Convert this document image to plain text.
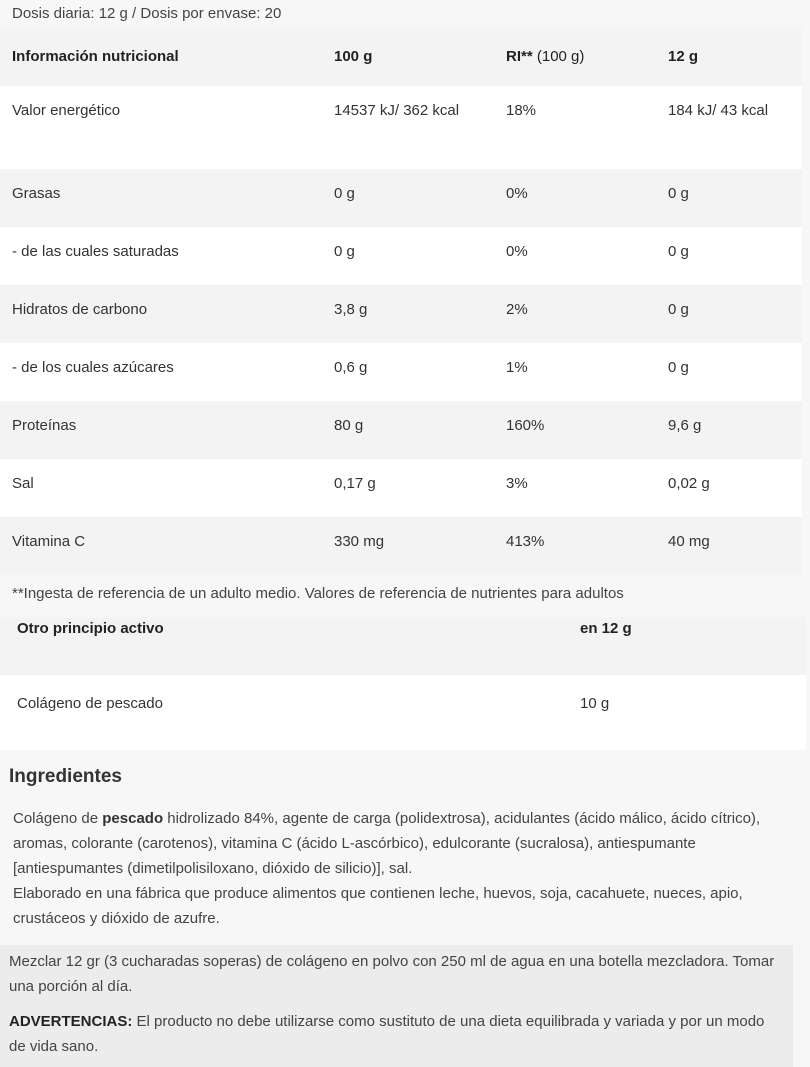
Dosis diaria: 12 g / Dosis por envase: 20
Información nutricional	100 g	RI** (100 g)	12 g
Valor energético	14537 kJ/ 362 kcal	18%	184 kJ/ 43 kcal
Grasas	0 g	0%	0 g
- de las cuales saturadas	0 g	0%	0 g
Hidratos de carbono	3,8 g	2%	0 g
- de los cuales azúcares	0,6 g	1%	0 g
Proteínas	80 g	160%	9,6 g
Sal	0,17 g	3%	0,02 g
Vitamina C	330 mg	413%	40 mg
**Ingesta de referencia de un adulto medio. Valores de referencia de nutrientes para adultos
Otro principio activo	en 12 g
Colágeno de pescado	10 g
Ingredientes
Colágeno de pescado hidrolizado 84%, agente de carga (polidextrosa), acidulantes (ácido málico, ácido cítrico), aromas, colorante (carotenos), vitamina C (ácido L-ascórbico), edulcorante (sucralosa), antiespumante [antiespumantes (dimetilpolisiloxano, dióxido de silicio)], sal.
Elaborado en una fábrica que produce alimentos que contienen leche, huevos, soja, cacahuete, nueces, apio, crustáceos y dióxido de azufre.

Mezclar 12 gr (3 cucharadas soperas) de colágeno en polvo con 250 ml de agua en una botella mezcladora. Tomar una porción al día.

ADVERTENCIAS: El producto no debe utilizarse como sustituto de una dieta equilibrada y variada y por un modo de vida sano.
